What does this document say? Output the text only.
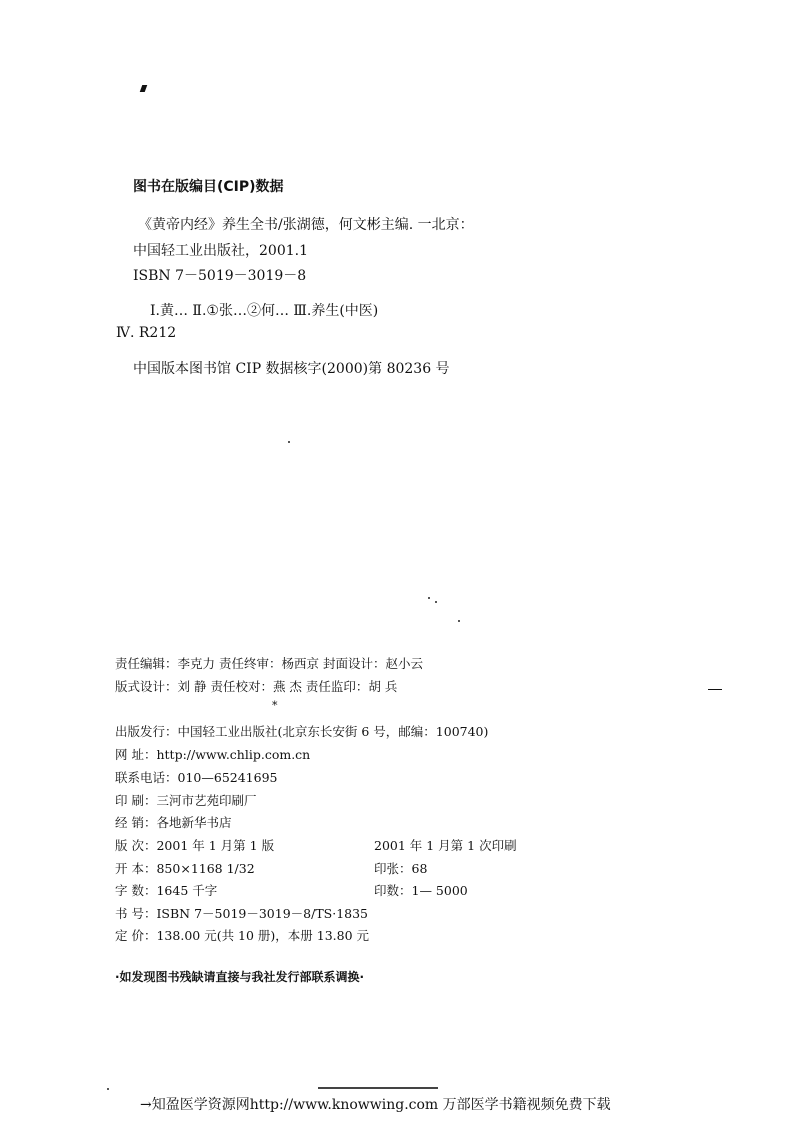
图书在版编目(CIP)数据
《黄帝内经》养生全书/张湖德，何文彬主编. 一北京：
中国轻工业出版社，2001.1
ISBN 7－5019－3019－8
Ⅰ.黄… Ⅱ.①张…②何… Ⅲ.养生(中医)
Ⅳ. R212
中国版本图书馆 CIP 数据核字(2000)第 80236 号
责任编辑：李克力 责任终审：杨西京 封面设计：赵小云
版式设计：刘 静 责任校对：燕 杰 责任监印：胡 兵
*
出版发行：中国轻工业出版社(北京东长安街 6 号，邮编：100740)
网 址：http://www.chlip.com.cn
联系电话：010—65241695
印 刷：三河市艺苑印刷厂
经 销：各地新华书店
版 次：2001 年 1 月第 1 版	2001 年 1 月第 1 次印刷
开 本：850×1168 1/32	印张：68
字 数：1645 千字	印数：1— 5000
书 号：ISBN 7－5019－3019－8/TS·1835
定 价：138.00 元(共 10 册)，本册 13.80 元
·如发现图书残缺请直接与我社发行部联系调换·
→知盈医学资源网http://www.knowwing.com 万部医学书籍视频免费下载
